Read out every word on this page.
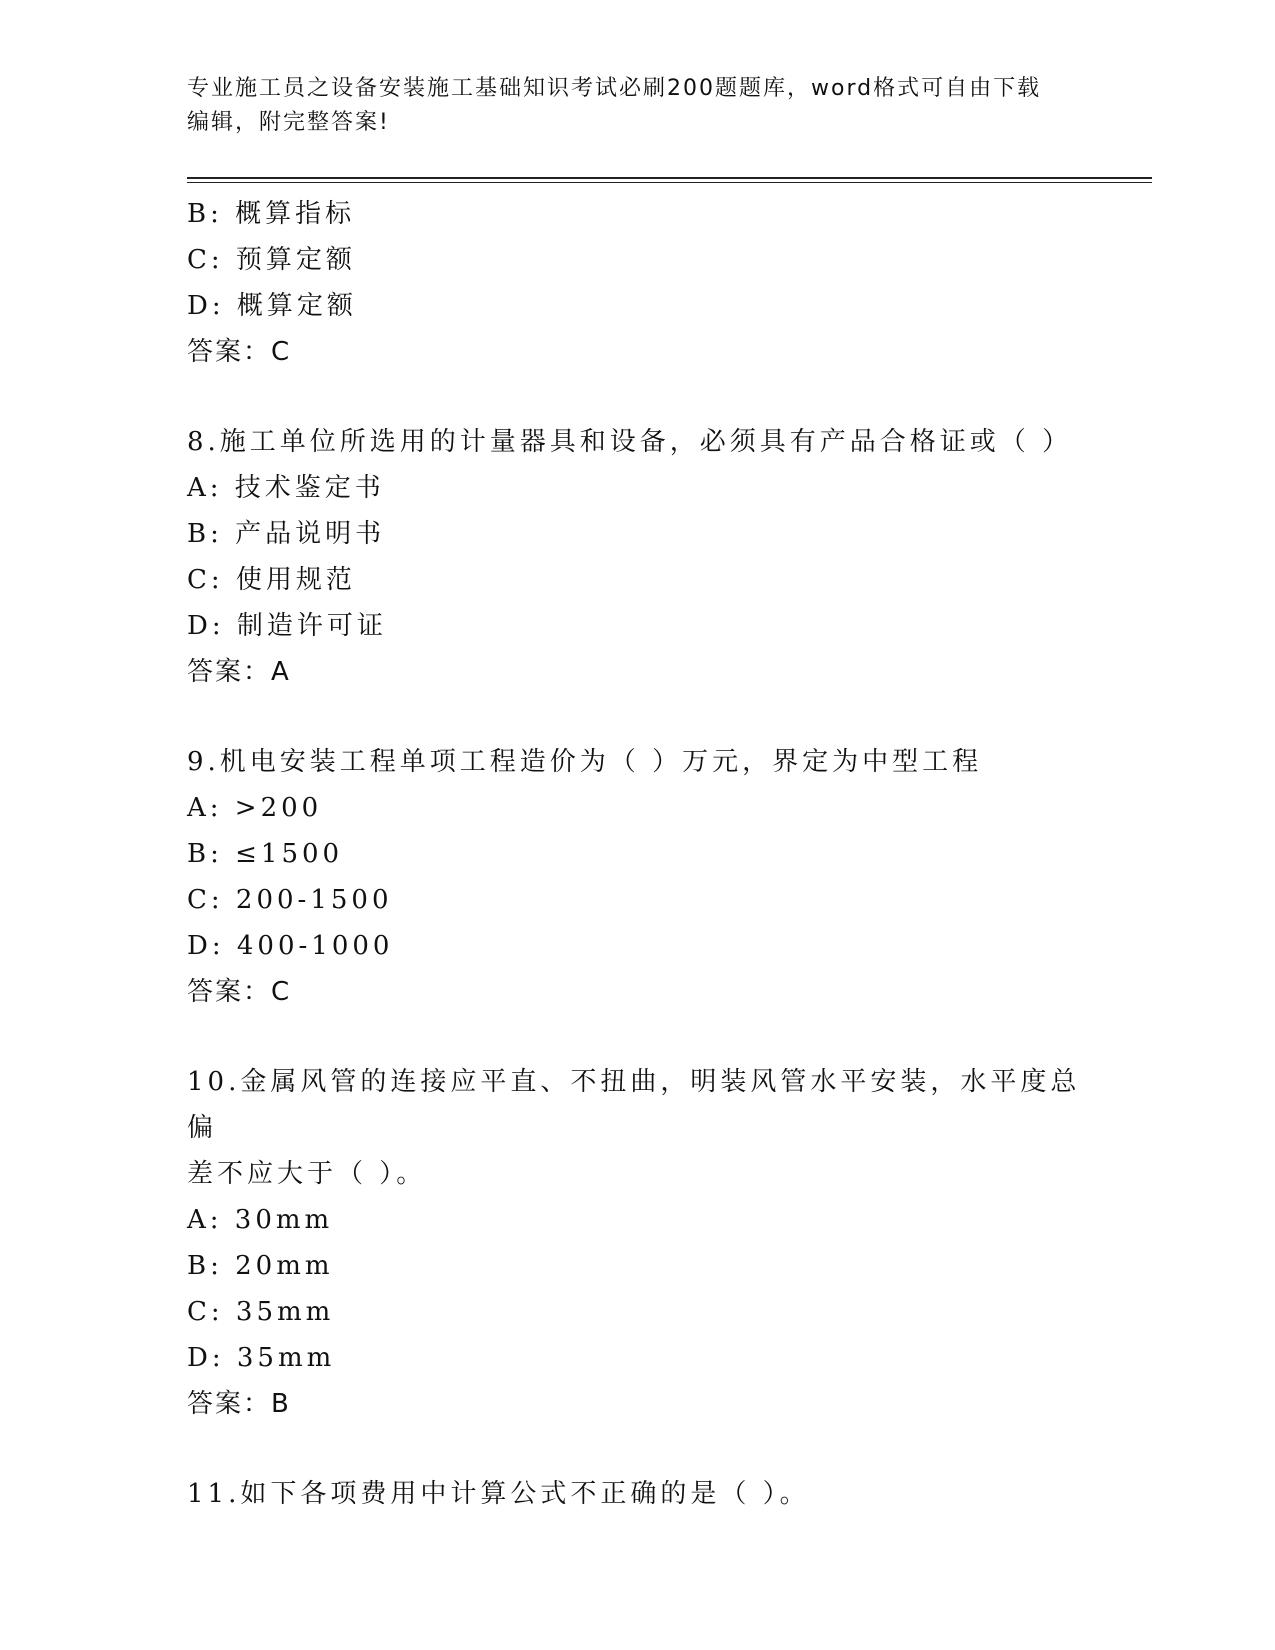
专业施工员之设备安装施工基础知识考试必刷200题题库，word格式可自由下载
编辑，附完整答案!
B: 概算指标
C: 预算定额
D: 概算定额
答案：C
8.施工单位所选用的计量器具和设备，必须具有产品合格证或（ ）
A: 技术鉴定书
B: 产品说明书
C: 使用规范
D: 制造许可证
答案：A
9.机电安装工程单项工程造价为（ ）万元，界定为中型工程
A: >200
B: ≤1500
C: 200-1500
D: 400-1000
答案：C
10.金属风管的连接应平直、不扭曲，明装风管水平安装，水平度总偏
差不应大于（ ）。
A: 30mm
B: 20mm
C: 35mm
D: 35mm
答案：B
11.如下各项费用中计算公式不正确的是（ ）。
